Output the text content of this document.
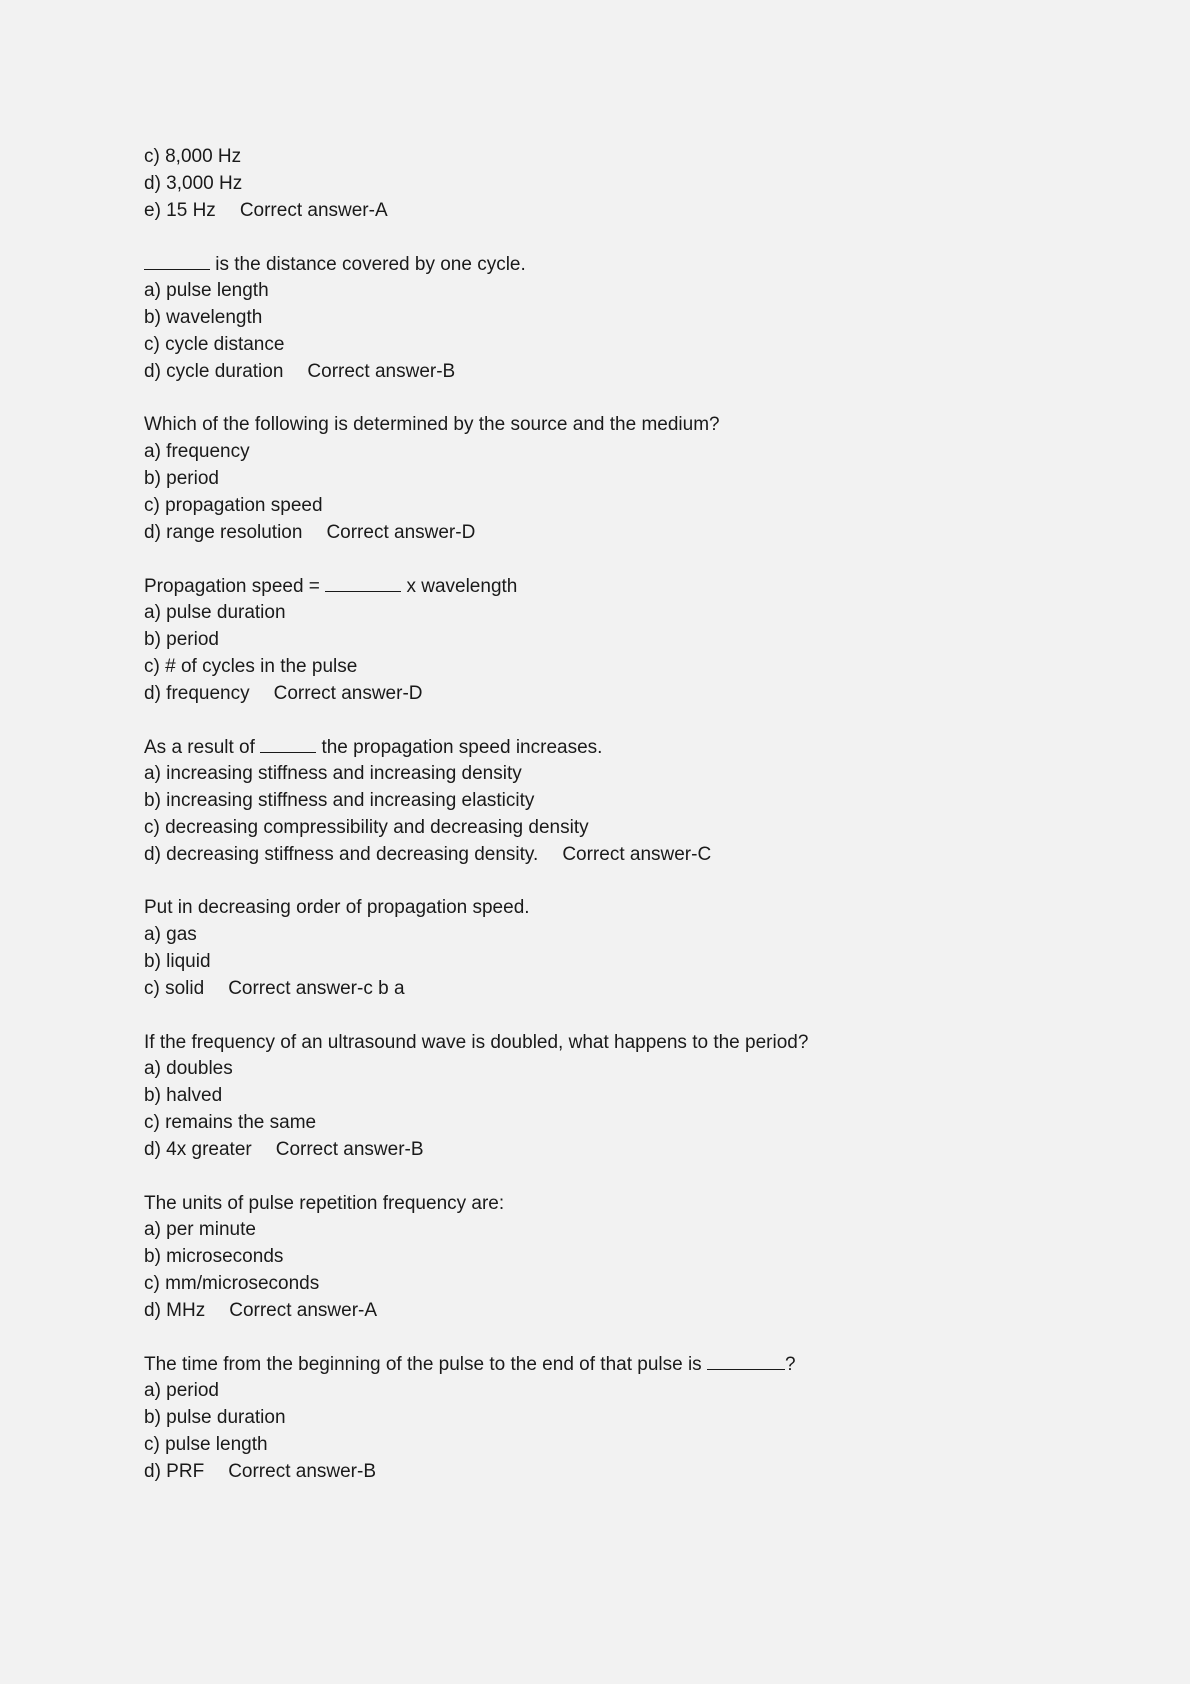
c) 8,000 Hz
d) 3,000 Hz
e) 15 Hz Correct answer-A
is the distance covered by one cycle.
a) pulse length
b) wavelength
c) cycle distance
d) cycle duration Correct answer-B
Which of the following is determined by the source and the medium?
a) frequency
b) period
c) propagation speed
d) range resolution Correct answer-D
Propagation speed =	x wavelength
a) pulse duration
b) period
c) # of cycles in the pulse
d) frequency Correct answer-D
As a result of	the propagation speed increases.
a) increasing stiffness and increasing density
b) increasing stiffness and increasing elasticity
c) decreasing compressibility and decreasing density
d) decreasing stiffness and decreasing density. Correct answer-C
Put in decreasing order of propagation speed.
a) gas
b) liquid
c) solid Correct answer-c b a
If the frequency of an ultrasound wave is doubled, what happens to the period?
a) doubles
b) halved
c) remains the same
d) 4x greater Correct answer-B
The units of pulse repetition frequency are:
a) per minute
b) microseconds
c) mm/microseconds
d) MHz Correct answer-A
The time from the beginning of the pulse to the end of that pulse is	?
a) period
b) pulse duration
c) pulse length
d) PRF Correct answer-B
